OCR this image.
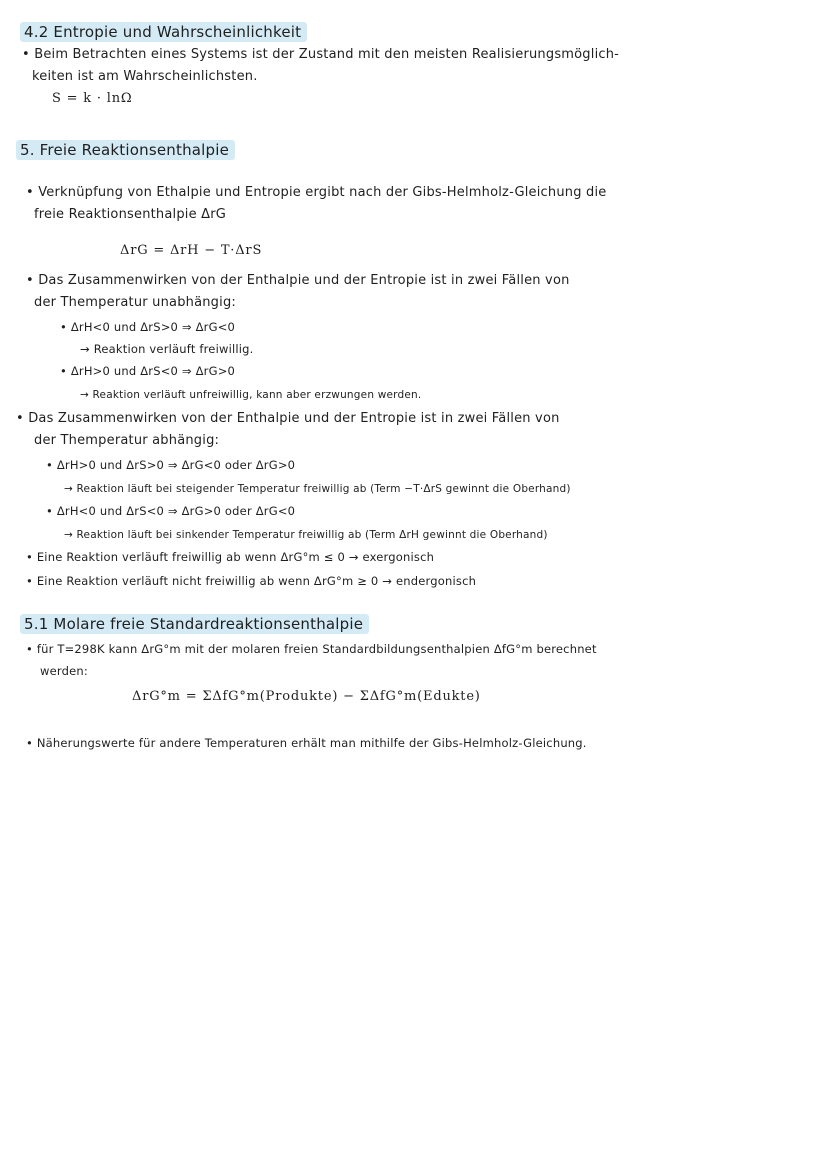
4.2 Entropie und Wahrscheinlichkeit
• Beim Betrachten eines Systems ist der Zustand mit den meisten Realisierungsmöglich-
keiten ist am Wahrscheinlichsten.
S = k · lnΩ
5. Freie Reaktionsenthalpie
• Verknüpfung von Ethalpie und Entropie ergibt nach der Gibs-Helmholz-Gleichung die
freie Reaktionsenthalpie ΔrG
ΔrG = ΔrH − T·ΔrS
• Das Zusammenwirken von der Enthalpie und der Entropie ist in zwei Fällen von
der Themperatur unabhängig:
• ΔrH<0 und ΔrS>0 ⇒ ΔrG<0
→ Reaktion verläuft freiwillig.
• ΔrH>0 und ΔrS<0 ⇒ ΔrG>0
→ Reaktion verläuft unfreiwillig, kann aber erzwungen werden.
• Das Zusammenwirken von der Enthalpie und der Entropie ist in zwei Fällen von
der Themperatur abhängig:
• ΔrH>0 und ΔrS>0 ⇒ ΔrG<0 oder ΔrG>0
→ Reaktion läuft bei steigender Temperatur freiwillig ab (Term −T·ΔrS gewinnt die Oberhand)
• ΔrH<0 und ΔrS<0 ⇒ ΔrG>0 oder ΔrG<0
→ Reaktion läuft bei sinkender Temperatur freiwillig ab (Term ΔrH gewinnt die Oberhand)
• Eine Reaktion verläuft freiwillig ab wenn ΔrG°m ≤ 0 → exergonisch
• Eine Reaktion verläuft nicht freiwillig ab wenn ΔrG°m ≥ 0 → endergonisch
5.1 Molare freie Standardreaktionsenthalpie
• für T=298K kann ΔrG°m mit der molaren freien Standardbildungsenthalpien ΔfG°m berechnet
werden:
ΔrG°m = ΣΔfG°m(Produkte) − ΣΔfG°m(Edukte)
• Näherungswerte für andere Temperaturen erhält man mithilfe der Gibs-Helmholz-Gleichung.
